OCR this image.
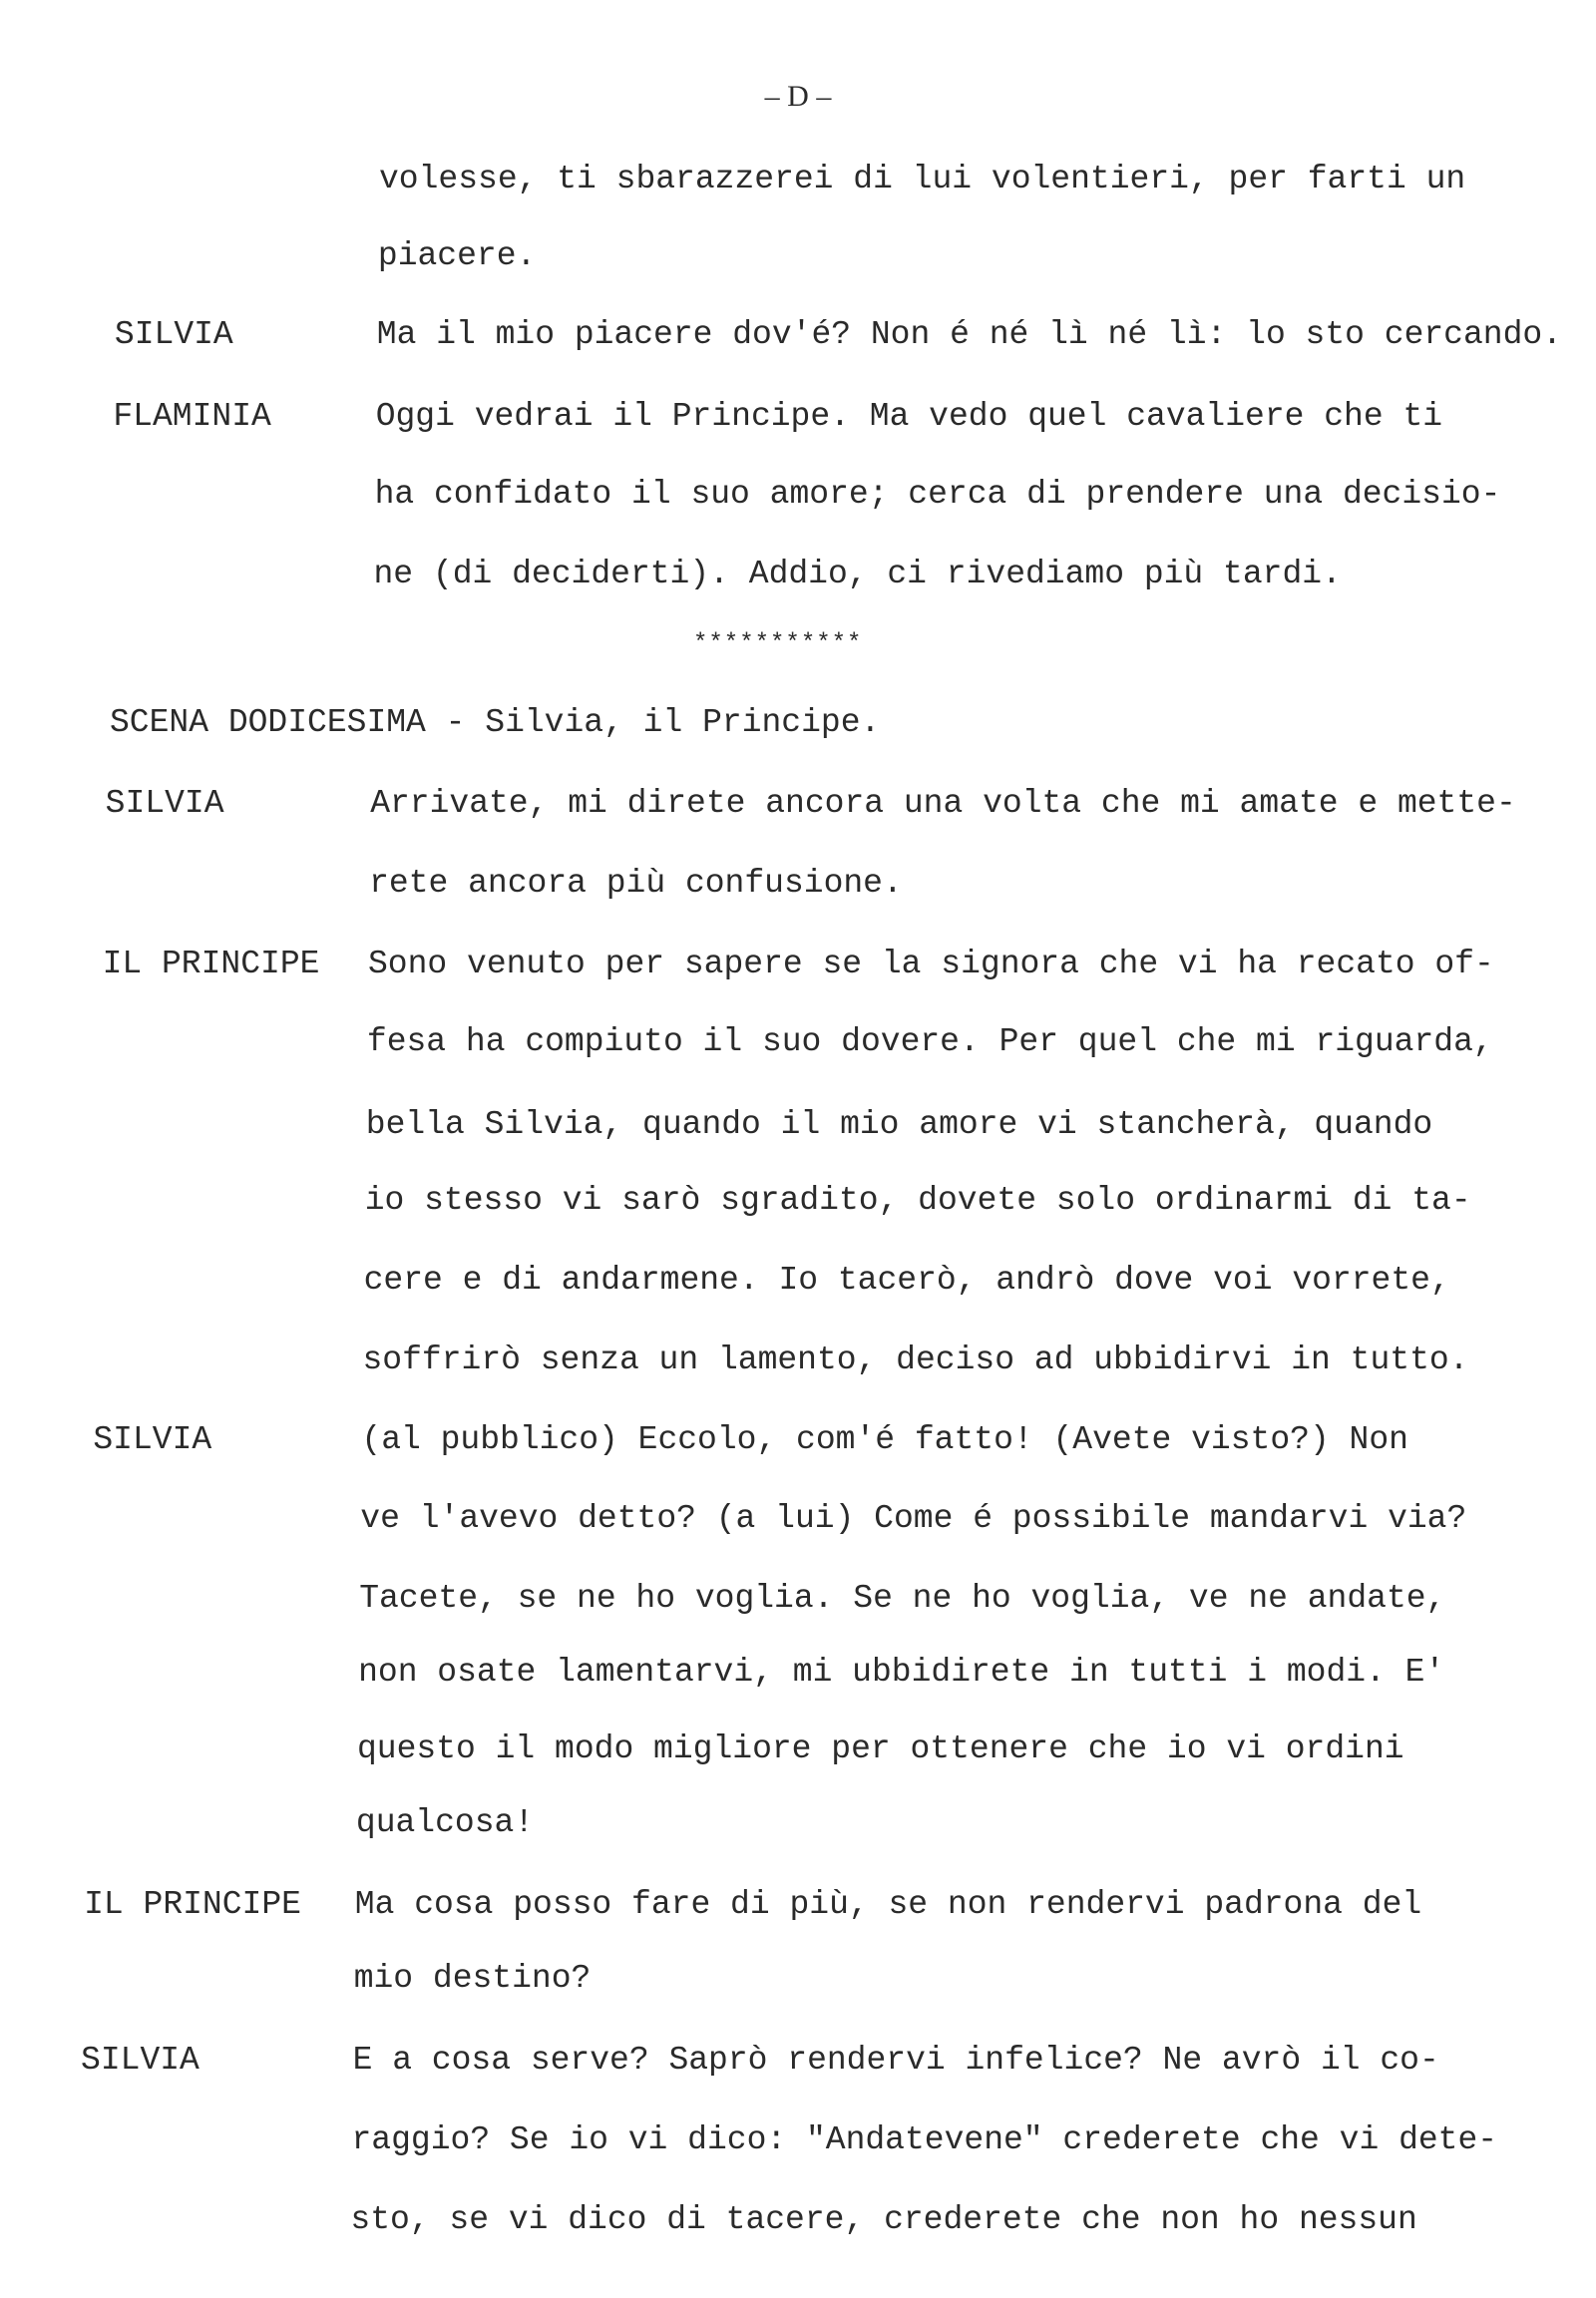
– D –
volesse, ti sbarazzerei di lui volentieri, per farti un
piacere.
SILVIA	Ma il mio piacere dov'é? Non é né lì né lì: lo sto cercando.
FLAMINIA	Oggi vedrai il Principe. Ma vedo quel cavaliere che ti
ha confidato il suo amore; cerca di prendere una decisio-
ne (di deciderti). Addio, ci rivediamo più tardi.
***********
SCENA DODICESIMA - Silvia, il Principe.
SILVIA	Arrivate, mi direte ancora una volta che mi amate e mette-
rete ancora più confusione.
IL PRINCIPE Sono venuto per sapere se la signora che vi ha recato of-
fesa ha compiuto il suo dovere. Per quel che mi riguarda,
bella Silvia, quando il mio amore vi stancherà, quando
io stesso vi sarò sgradito, dovete solo ordinarmi di ta-
cere e di andarmene. Io tacerò, andrò dove voi vorrete,
soffrirò senza un lamento, deciso ad ubbidirvi in tutto.
SILVIA	(al pubblico) Eccolo, com'é fatto! (Avete visto?) Non
ve l'avevo detto? (a lui) Come é possibile mandarvi via?
Tacete, se ne ho voglia. Se ne ho voglia, ve ne andate,
non osate lamentarvi, mi ubbidirete in tutti i modi. E'
questo il modo migliore per ottenere che io vi ordini
qualcosa!
IL PRINCIPE Ma cosa posso fare di più, se non rendervi padrona del
mio destino?
SILVIA	E a cosa serve? Saprò rendervi infelice? Ne avrò il co-
raggio? Se io vi dico: "Andatevene" crederete che vi dete-
sto, se vi dico di tacere, crederete che non ho nessun
